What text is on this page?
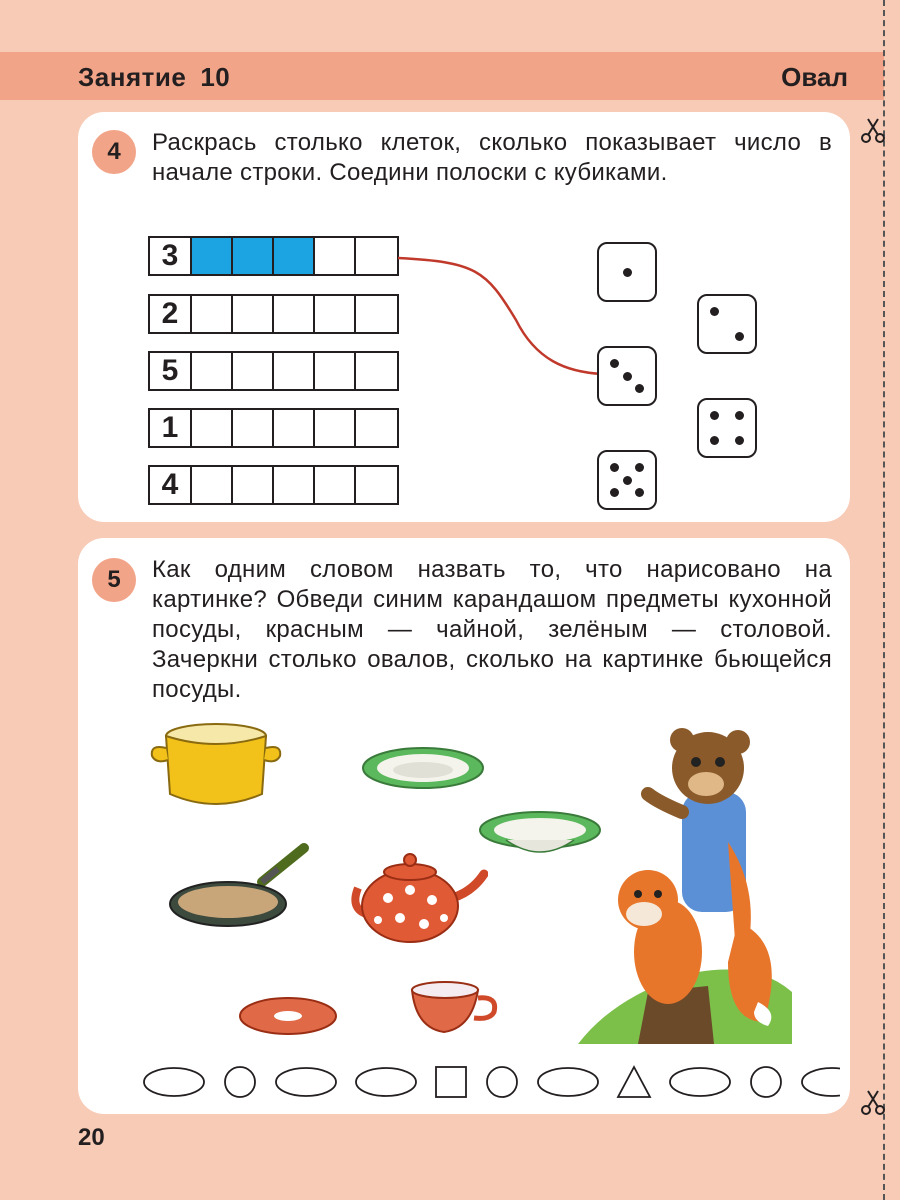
Занятие 10	Овал
4	Раскрась столько клеток, сколько показывает число в начале строки. Соедини полоски с кубиками.
3
2
5
1
4
5	Как одним словом назвать то, что нарисовано на картинке? Обведи синим карандашом предметы кухонной посуды, красным — чайной, зелёным — столовой. Зачеркни столько овалов, сколько на картинке бьющейся посуды.
20
